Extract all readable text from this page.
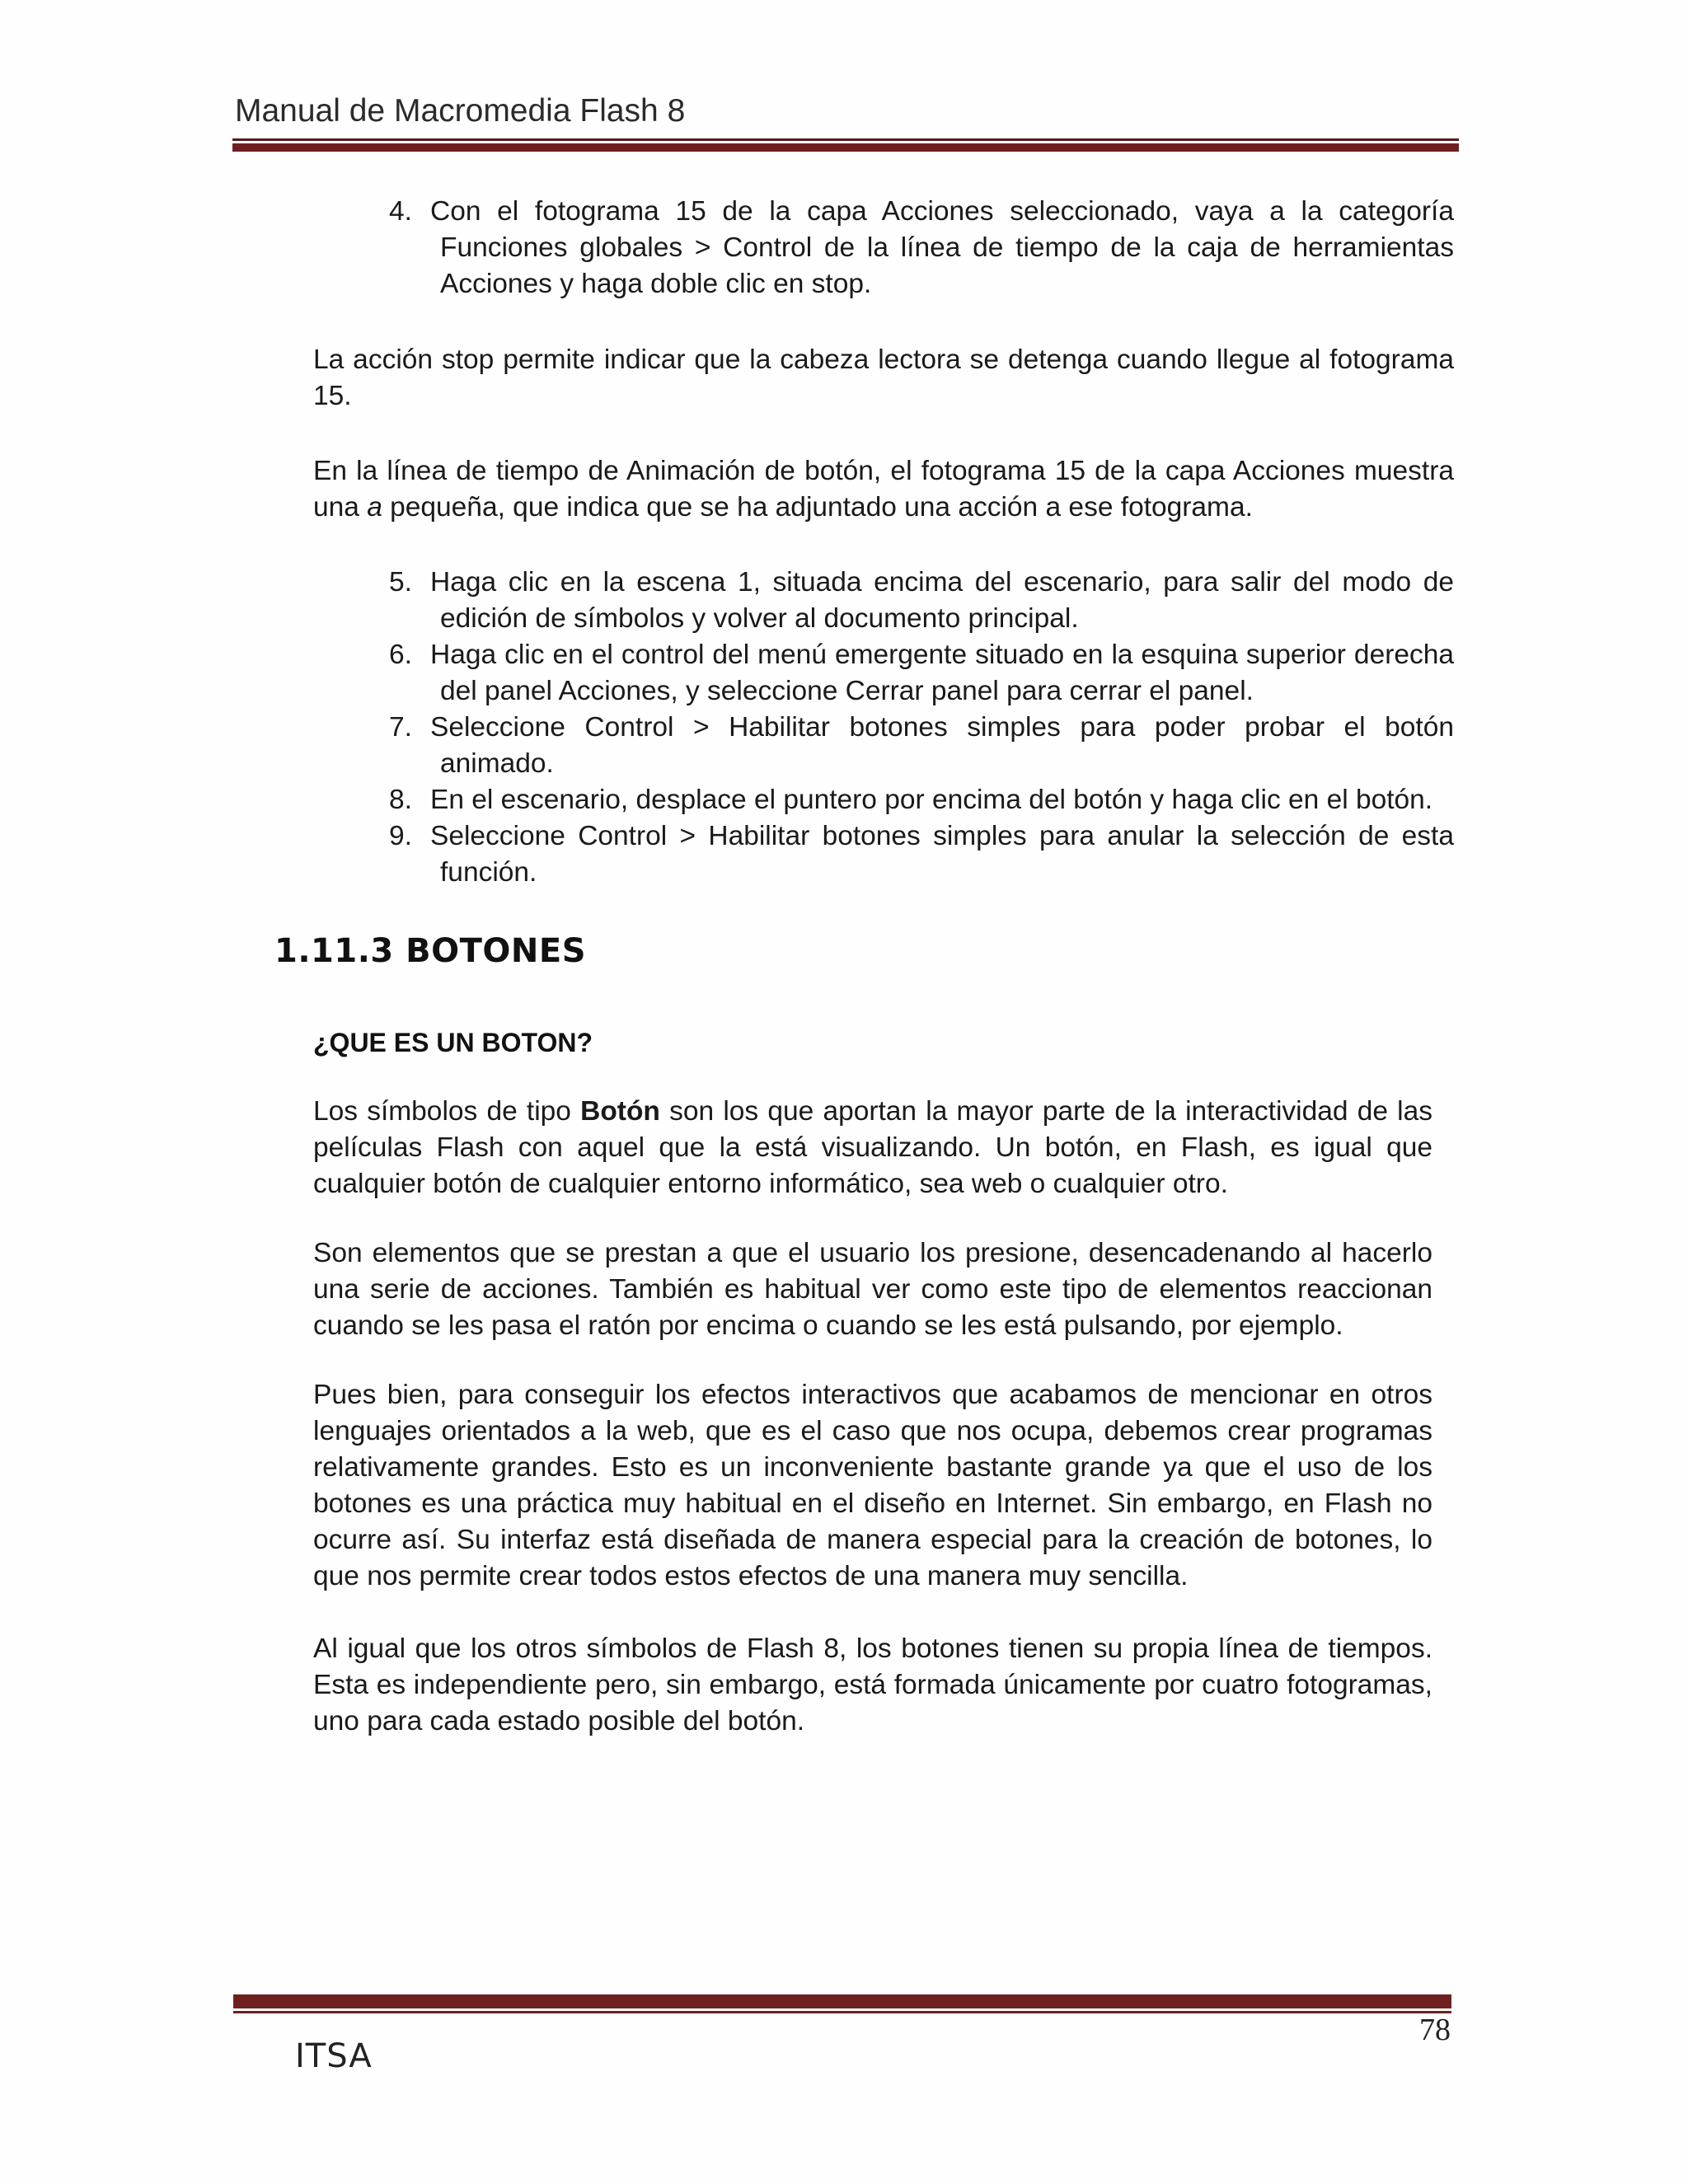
Manual de Macromedia Flash 8

4. Con el fotograma 15 de la capa Acciones seleccionado, vaya a la categoría Funciones globales > Control de la línea de tiempo de la caja de herramientas Acciones y haga doble clic en stop.

La acción stop permite indicar que la cabeza lectora se detenga cuando llegue al fotograma 15.

En la línea de tiempo de Animación de botón, el fotograma 15 de la capa Acciones muestra una a pequeña, que indica que se ha adjuntado una acción a ese fotograma.

5. Haga clic en la escena 1, situada encima del escenario, para salir del modo de edición de símbolos y volver al documento principal.

6. Haga clic en el control del menú emergente situado en la esquina superior derecha del panel Acciones, y seleccione Cerrar panel para cerrar el panel.

7. Seleccione Control > Habilitar botones simples para poder probar el botón animado.

8. En el escenario, desplace el puntero por encima del botón y haga clic en el botón.

9. Seleccione Control > Habilitar botones simples para anular la selección de esta función.

1.11.3 BOTONES
¿QUE ES UN BOTON?

Los símbolos de tipo Botón son los que aportan la mayor parte de la interactividad de las películas Flash con aquel que la está visualizando. Un botón, en Flash, es igual que cualquier botón de cualquier entorno informático, sea web o cualquier otro.

Son elementos que se prestan a que el usuario los presione, desencadenando al hacerlo una serie de acciones. También es habitual ver como este tipo de elementos reaccionan cuando se les pasa el ratón por encima o cuando se les está pulsando, por ejemplo.

Pues bien, para conseguir los efectos interactivos que acabamos de mencionar en otros lenguajes orientados a la web, que es el caso que nos ocupa, debemos crear programas relativamente grandes. Esto es un inconveniente bastante grande ya que el uso de los botones es una práctica muy habitual en el diseño en Internet. Sin embargo, en Flash no ocurre así. Su interfaz está diseñada de manera especial para la creación de botones, lo que nos permite crear todos estos efectos de una manera muy sencilla.

Al igual que los otros símbolos de Flash 8, los botones tienen su propia línea de tiempos. Esta es independiente pero, sin embargo, está formada únicamente por cuatro fotogramas, uno para cada estado posible del botón.

78
ITSA
